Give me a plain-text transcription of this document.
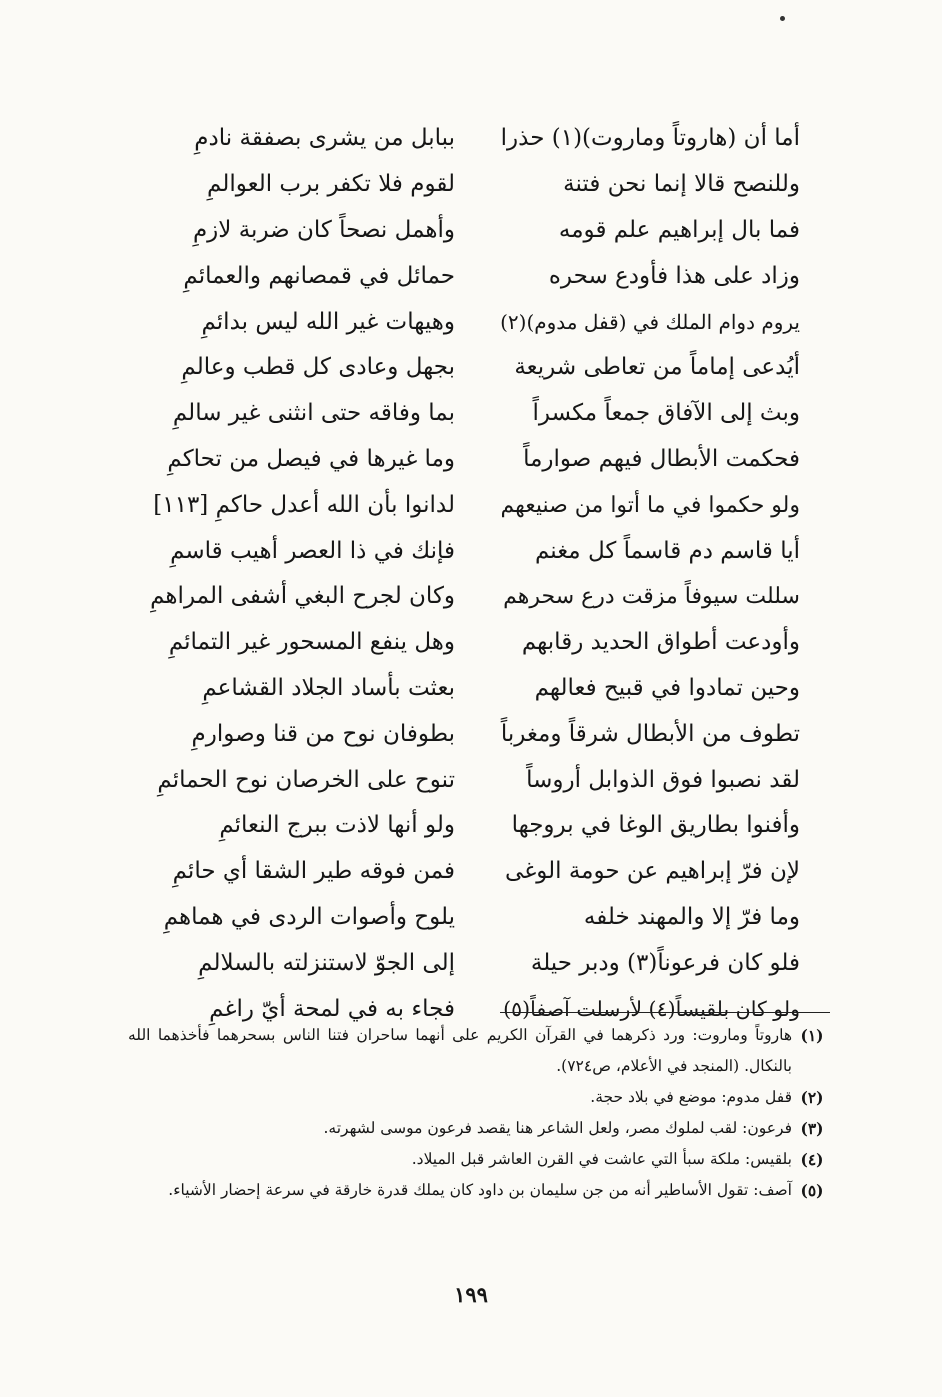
أما أن (هاروتاً وماروت)(١) حذرا
ببابل من يشرى بصفقة نادمِ
وللنصح قالا إنما نحن فتنة
لقوم فلا تكفر برب العوالمِ
فما بال إبراهيم علم قومه
وأهمل نصحاً كان ضربة لازمِ
وزاد على هذا فأودع سحره
حمائل في قمصانهم والعمائمِ
يروم دوام الملك في (قفل مدوم)(٢)
وهيهات غير الله ليس بدائمِ
أيُدعى إماماً من تعاطى شريعة
بجهل وعادى كل قطب وعالمِ
وبث إلى الآفاق جمعاً مكسراً
بما وفاقه حتى انثنى غير سالمِ
فحكمت الأبطال فيهم صوارماً
وما غيرها في فيصل من تحاكمِ
ولو حكموا في ما أتوا من صنيعهم
لدانوا بأن الله أعدل حاكمِ [١١٣]
أيا قاسم دم قاسماً كل مغنم
فإنك في ذا العصر أهيب قاسمِ
سللت سيوفاً مزقت درع سحرهم
وكان لجرح البغي أشفى المراهمِ
وأودعت أطواق الحديد رقابهم
وهل ينفع المسحور غير التمائمِ
وحين تمادوا في قبيح فعالهم
بعثت بأساد الجلاد القشاعمِ
تطوف من الأبطال شرقاً ومغرباً
بطوفان نوح من قنا وصوارمِ
لقد نصبوا فوق الذوابل أروساً
تنوح على الخرصان نوح الحمائمِ
وأفنوا بطاريق الوغا في بروجها
ولو أنها لاذت ببرج النعائمِ
لإن فرّ إبراهيم عن حومة الوغى
فمن فوقه طير الشقا أي حائمِ
وما فرّ إلا والمهند خلفه
يلوح وأصوات الردى في هماهمِ
فلو كان فرعوناً(٣) ودبر حيلة
إلى الجوّ لاستنزلته بالسلالمِ
ولو كان بلقيساً(٤) لأرسلت آصفاً(٥)
فجاء به في لمحة أيّ راغمِ
(١)
هاروتاً وماروت: ورد ذكرهما في القرآن الكريم على أنهما ساحران فتنا الناس بسحرهما فأخذهما الله بالنكال. (المنجد في الأعلام، ص٧٢٤).
(٢)
قفل مدوم: موضع في بلاد حجة.
(٣)
فرعون: لقب لملوك مصر، ولعل الشاعر هنا يقصد فرعون موسى لشهرته.
(٤)
بلقيس: ملكة سبأ التي عاشت في القرن العاشر قبل الميلاد.
(٥)
آصف: تقول الأساطير أنه من جن سليمان بن داود كان يملك قدرة خارقة في سرعة إحضار الأشياء.
١٩٩
